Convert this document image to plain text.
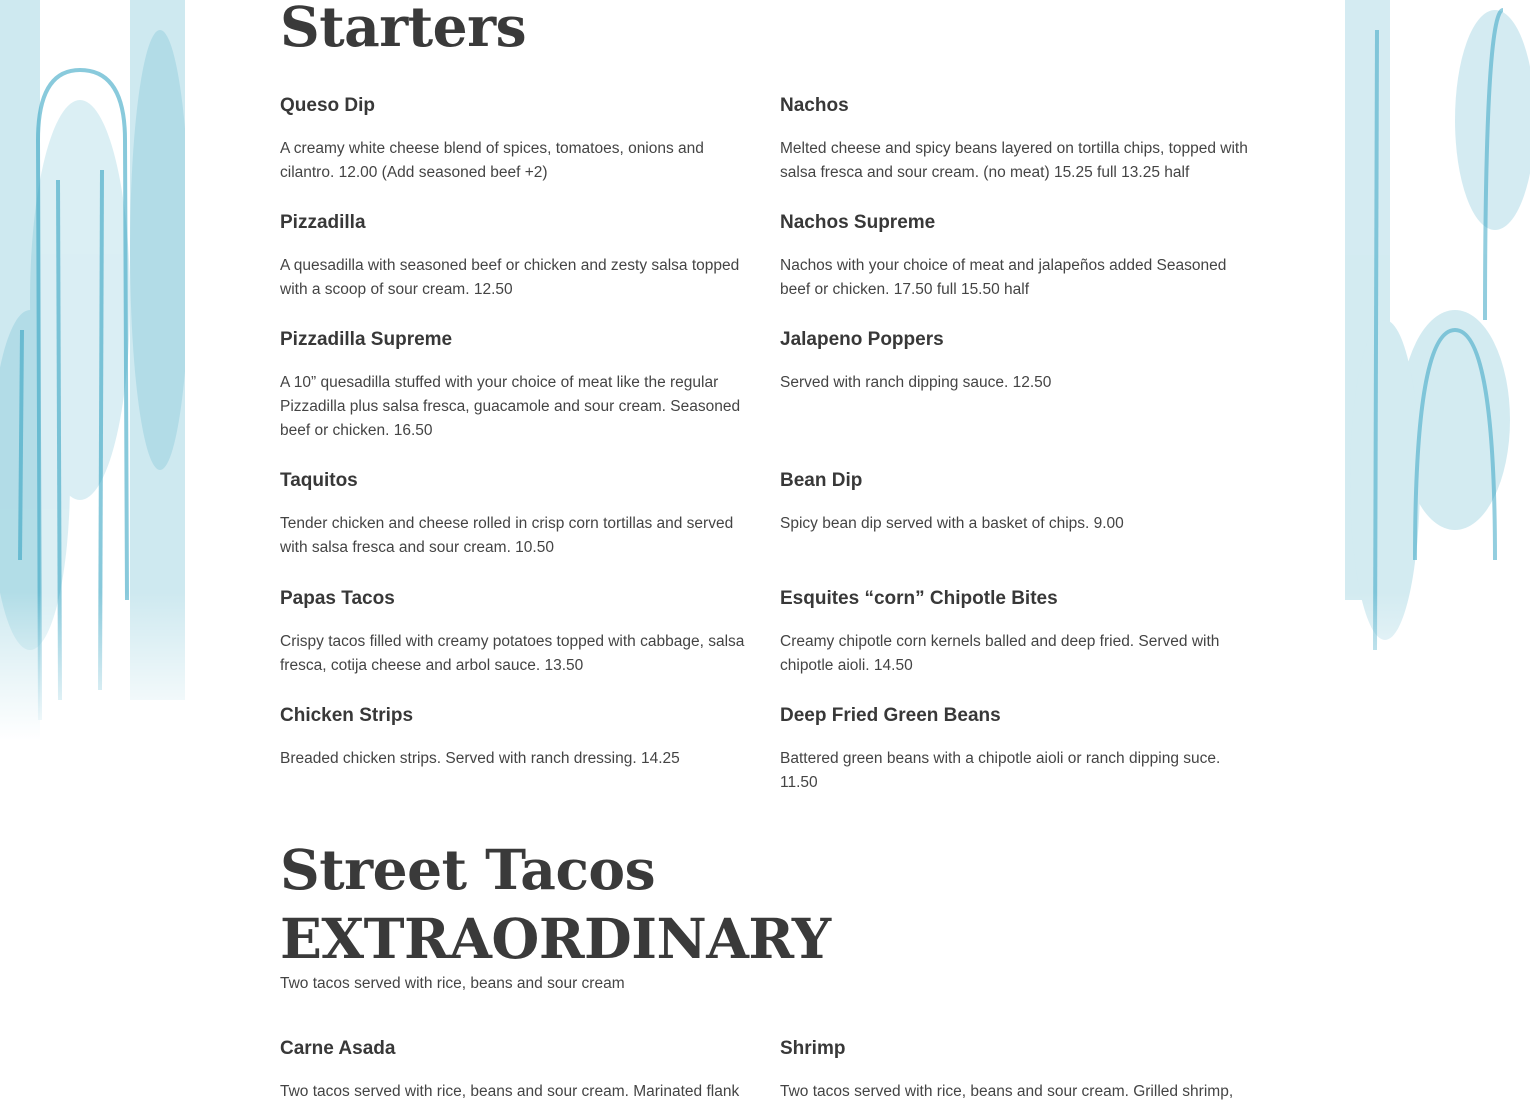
Starters
Queso Dip

A creamy white cheese blend of spices, tomatoes, onions and cilantro. 12.00 (Add seasoned beef +2)

Nachos

Melted cheese and spicy beans layered on tortilla chips, topped with salsa fresca and sour cream. (no meat) 15.25 full 13.25 half

Pizzadilla

A quesadilla with seasoned beef or chicken and zesty salsa topped with a scoop of sour cream. 12.50

Nachos Supreme

Nachos with your choice of meat and jalapeños added Seasoned beef or chicken. 17.50 full 15.50 half

Pizzadilla Supreme

A 10” quesadilla stuffed with your choice of meat like the regular Pizzadilla plus salsa fresca, guacamole and sour cream. Seasoned beef or chicken. 16.50

Jalapeno Poppers

Served with ranch dipping sauce. 12.50

Taquitos

Tender chicken and cheese rolled in crisp corn tortillas and served with salsa fresca and sour cream. 10.50

Bean Dip

Spicy bean dip served with a basket of chips. 9.00

Papas Tacos

Crispy tacos filled with creamy potatoes topped with cabbage, salsa fresca, cotija cheese and arbol sauce. 13.50

Esquites “corn” Chipotle Bites

Creamy chipotle corn kernels balled and deep fried. Served with chipotle aioli. 14.50

Chicken Strips

Breaded chicken strips. Served with ranch dressing. 14.25

Deep Fried Green Beans

Battered green beans with a chipotle aioli or ranch dipping suce. 11.50

Street Tacos
EXTRAORDINARY
Two tacos served with rice, beans and sour cream
Carne Asada

Two tacos served with rice, beans and sour cream. Marinated flank

Shrimp

Two tacos served with rice, beans and sour cream. Grilled shrimp,
